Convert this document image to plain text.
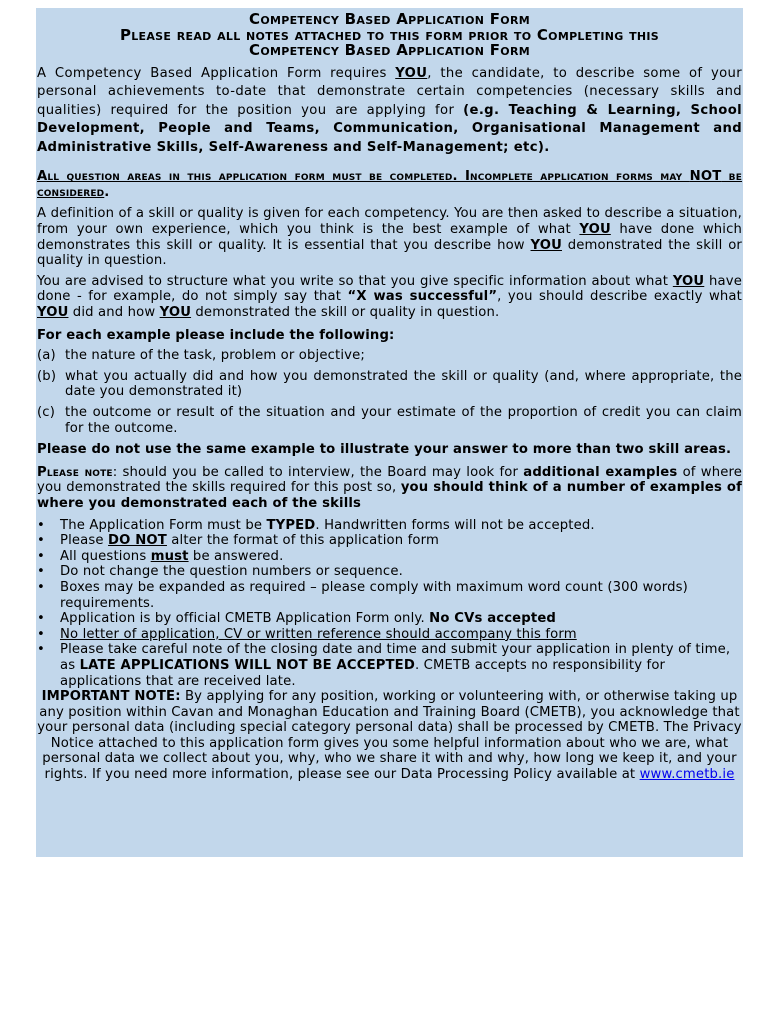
Competency Based Application Form
Please read all notes attached to this form prior to Completing this
Competency Based Application Form

A Competency Based Application Form requires YOU, the candidate, to describe some of your personal achievements to-date that demonstrate certain competencies (necessary skills and qualities) required for the position you are applying for (e.g. Teaching & Learning, School Development, People and Teams, Communication, Organisational Management and Administrative Skills, Self-Awareness and Self-Management; etc).

All question areas in this application form must be completed. Incomplete application forms may NOT be considered.

A definition of a skill or quality is given for each competency. You are then asked to describe a situation, from your own experience, which you think is the best example of what YOU have done which demonstrates this skill or quality. It is essential that you describe how YOU demonstrated the skill or quality in question.

You are advised to structure what you write so that you give specific information about what YOU have done - for example, do not simply say that “X was successful”, you should describe exactly what YOU did and how YOU demonstrated the skill or quality in question.

For each example please include the following:

(a) the nature of the task, problem or objective;
(b) what you actually did and how you demonstrated the skill or quality (and, where appropriate, the date you demonstrated it)
(c) the outcome or result of the situation and your estimate of the proportion of credit you can claim for the outcome.

Please do not use the same example to illustrate your answer to more than two skill areas.

Please note: should you be called to interview, the Board may look for additional examples of where you demonstrated the skills required for this post so, you should think of a number of examples of where you demonstrated each of the skills

•	The Application Form must be TYPED. Handwritten forms will not be accepted.
•	Please DO NOT alter the format of this application form
•	All questions must be answered.
•	Do not change the question numbers or sequence.
•	Boxes may be expanded as required – please comply with maximum word count (300 words) requirements.
•	Application is by official CMETB Application Form only. No CVs accepted
•	No letter of application, CV or written reference should accompany this form
•	Please take careful note of the closing date and time and submit your application in plenty of time, as LATE APPLICATIONS WILL NOT BE ACCEPTED. CMETB accepts no responsibility for applications that are received late.

IMPORTANT NOTE: By applying for any position, working or volunteering with, or otherwise taking up any position within Cavan and Monaghan Education and Training Board (CMETB), you acknowledge that your personal data (including special category personal data) shall be processed by CMETB. The Privacy Notice attached to this application form gives you some helpful information about who we are, what personal data we collect about you, why, who we share it with and why, how long we keep it, and your rights. If you need more information, please see our Data Processing Policy available at www.cmetb.ie
